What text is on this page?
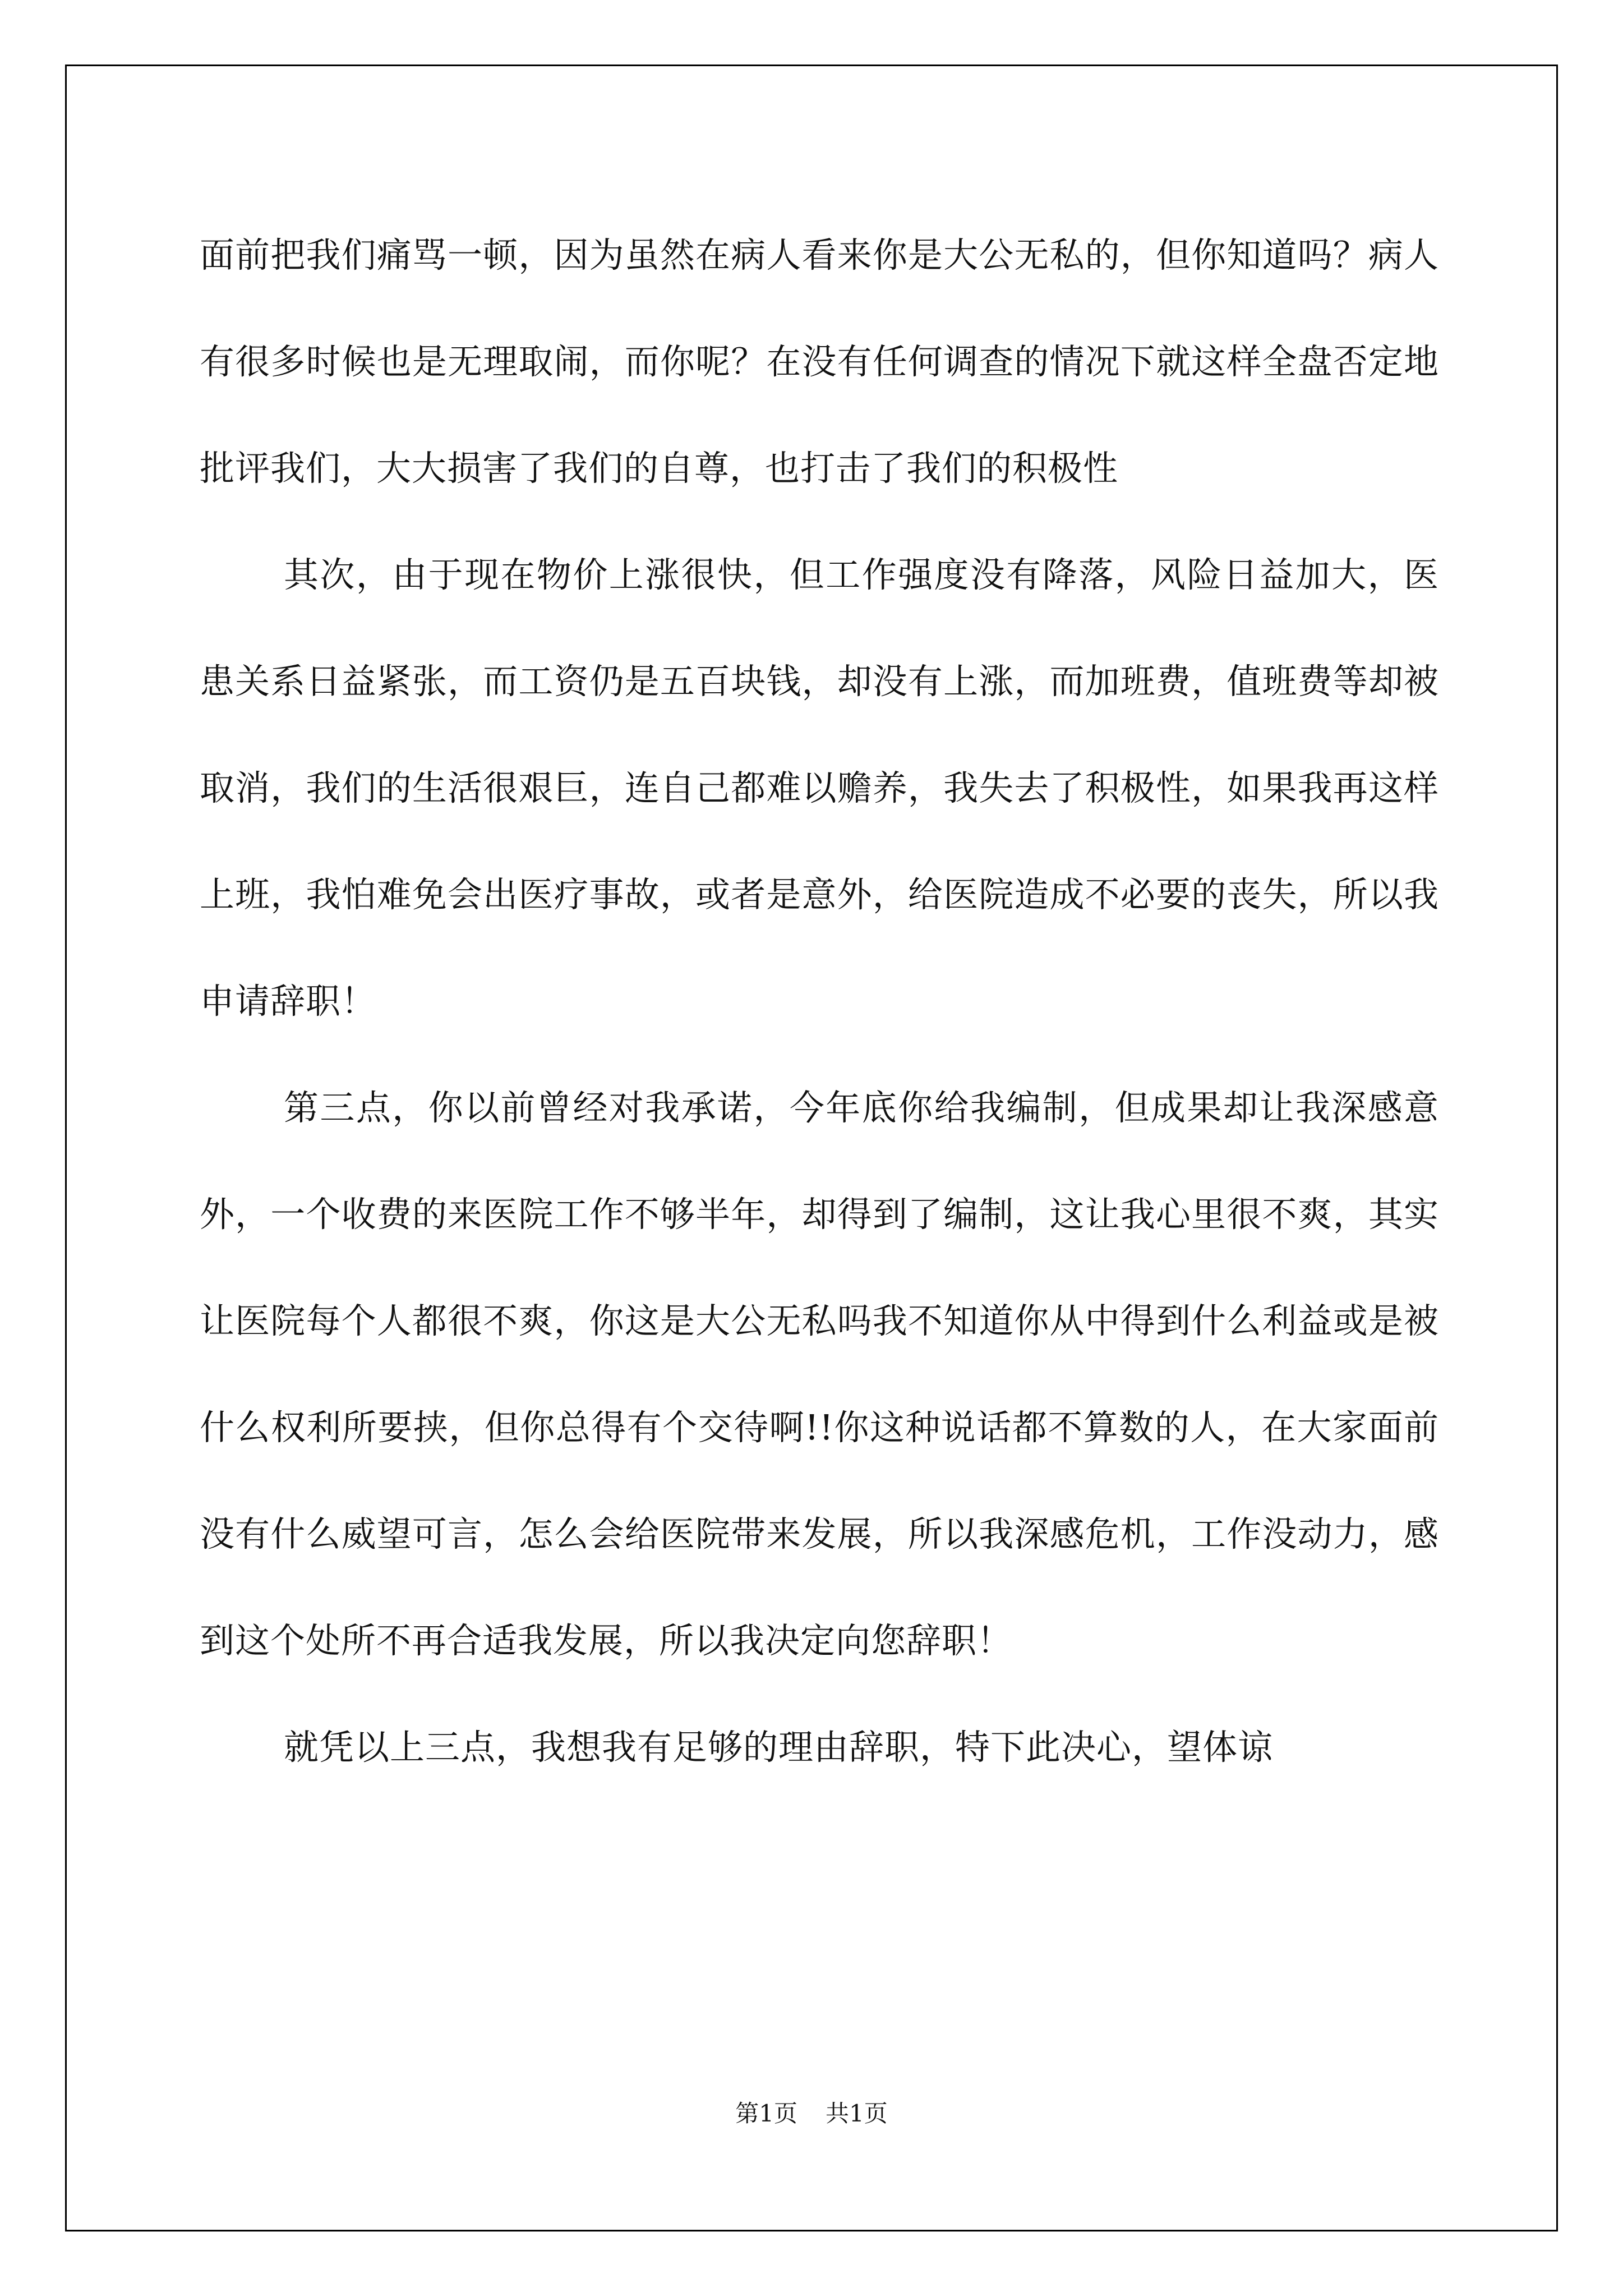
面前把我们痛骂一顿，因为虽然在病人看来你是大公无私的，但你知道吗？病人有很多时候也是无理取闹，而你呢？在没有任何调查的情况下就这样全盘否定地批评我们，大大损害了我们的自尊，也打击了我们的积极性

其次，由于现在物价上涨很快，但工作强度没有降落，风险日益加大，医患关系日益紧张，而工资仍是五百块钱，却没有上涨，而加班费，值班费等却被取消，我们的生活很艰巨，连自己都难以赡养，我失去了积极性，如果我再这样上班，我怕难免会出医疗事故，或者是意外，给医院造成不必要的丧失，所以我申请辞职！

第三点，你以前曾经对我承诺，今年底你给我编制，但成果却让我深感意外，一个收费的来医院工作不够半年，却得到了编制，这让我心里很不爽，其实让医院每个人都很不爽，你这是大公无私吗我不知道你从中得到什么利益或是被什么权利所要挟，但你总得有个交待啊!!你这种说话都不算数的人，在大家面前没有什么威望可言，怎么会给医院带来发展，所以我深感危机，工作没动力，感到这个处所不再合适我发展，所以我决定向您辞职！

就凭以上三点，我想我有足够的理由辞职，特下此决心，望体谅

第1页 共1页
